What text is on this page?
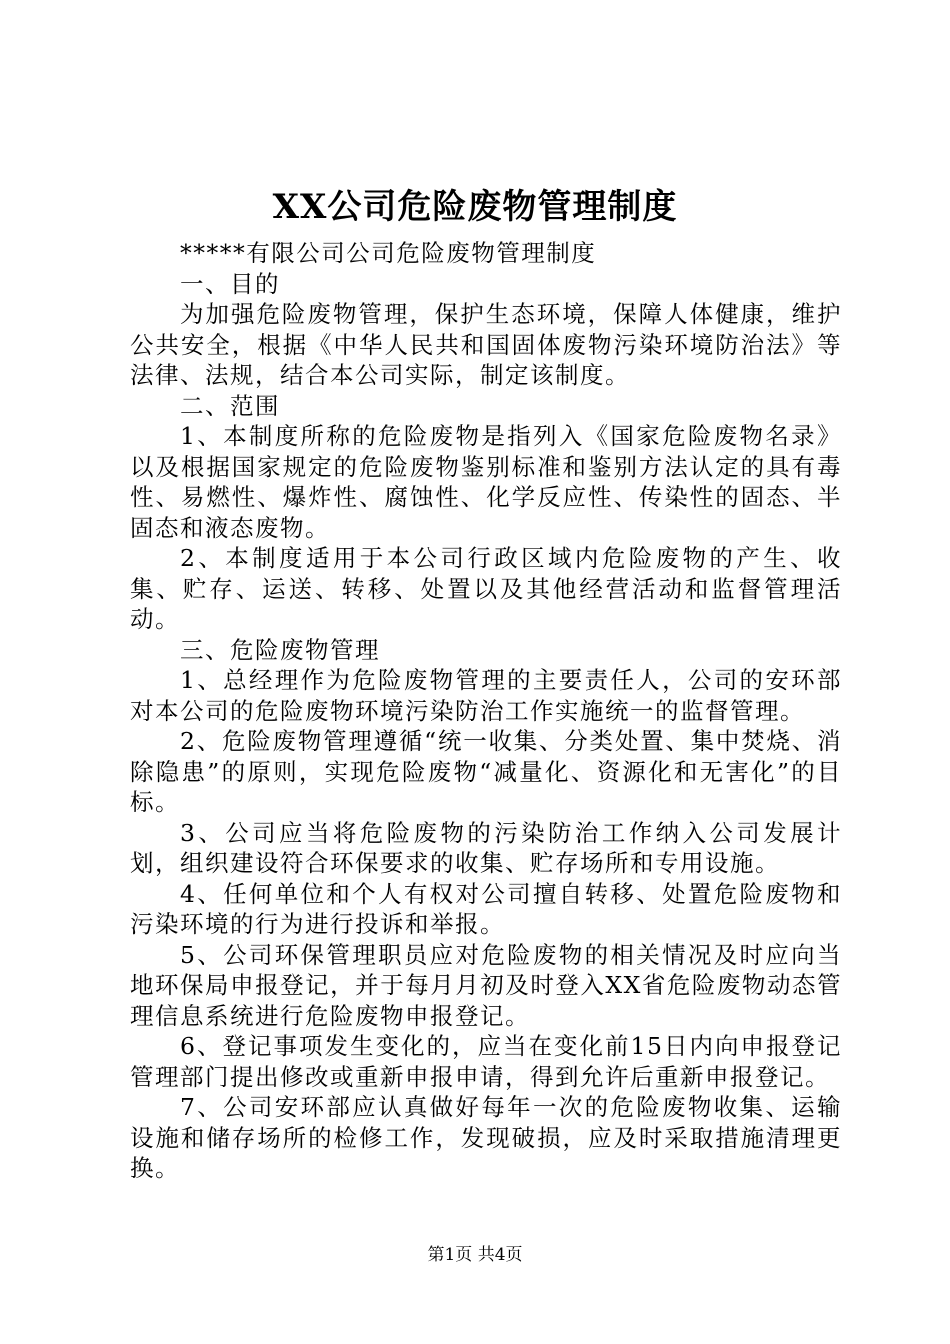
XX公司危险废物管理制度

*****有限公司公司危险废物管理制度

一、目的

为加强危险废物管理，保护生态环境，保障人体健康，维护公共安全，根据《中华人民共和国固体废物污染环境防治法》等法律、法规，结合本公司实际，制定该制度。

二、范围

1、本制度所称的危险废物是指列入《国家危险废物名录》以及根据国家规定的危险废物鉴别标准和鉴别方法认定的具有毒性、易燃性、爆炸性、腐蚀性、化学反应性、传染性的固态、半固态和液态废物。

2、本制度适用于本公司行政区域内危险废物的产生、收集、贮存、运送、转移、处置以及其他经营活动和监督管理活动。

三、危险废物管理

1、总经理作为危险废物管理的主要责任人，公司的安环部对本公司的危险废物环境污染防治工作实施统一的监督管理。

2、危险废物管理遵循“统一收集、分类处置、集中焚烧、消除隐患”的原则，实现危险废物“减量化、资源化和无害化”的目标。

3、公司应当将危险废物的污染防治工作纳入公司发展计划，组织建设符合环保要求的收集、贮存场所和专用设施。

4、任何单位和个人有权对公司擅自转移、处置危险废物和污染环境的行为进行投诉和举报。

5、公司环保管理职员应对危险废物的相关情况及时应向当地环保局申报登记，并于每月月初及时登入XX省危险废物动态管理信息系统进行危险废物申报登记。

6、登记事项发生变化的，应当在变化前15日内向申报登记管理部门提出修改或重新申报申请，得到允许后重新申报登记。

7、公司安环部应认真做好每年一次的危险废物收集、运输设施和储存场所的检修工作，发现破损，应及时采取措施清理更换。

第1页 共4页
